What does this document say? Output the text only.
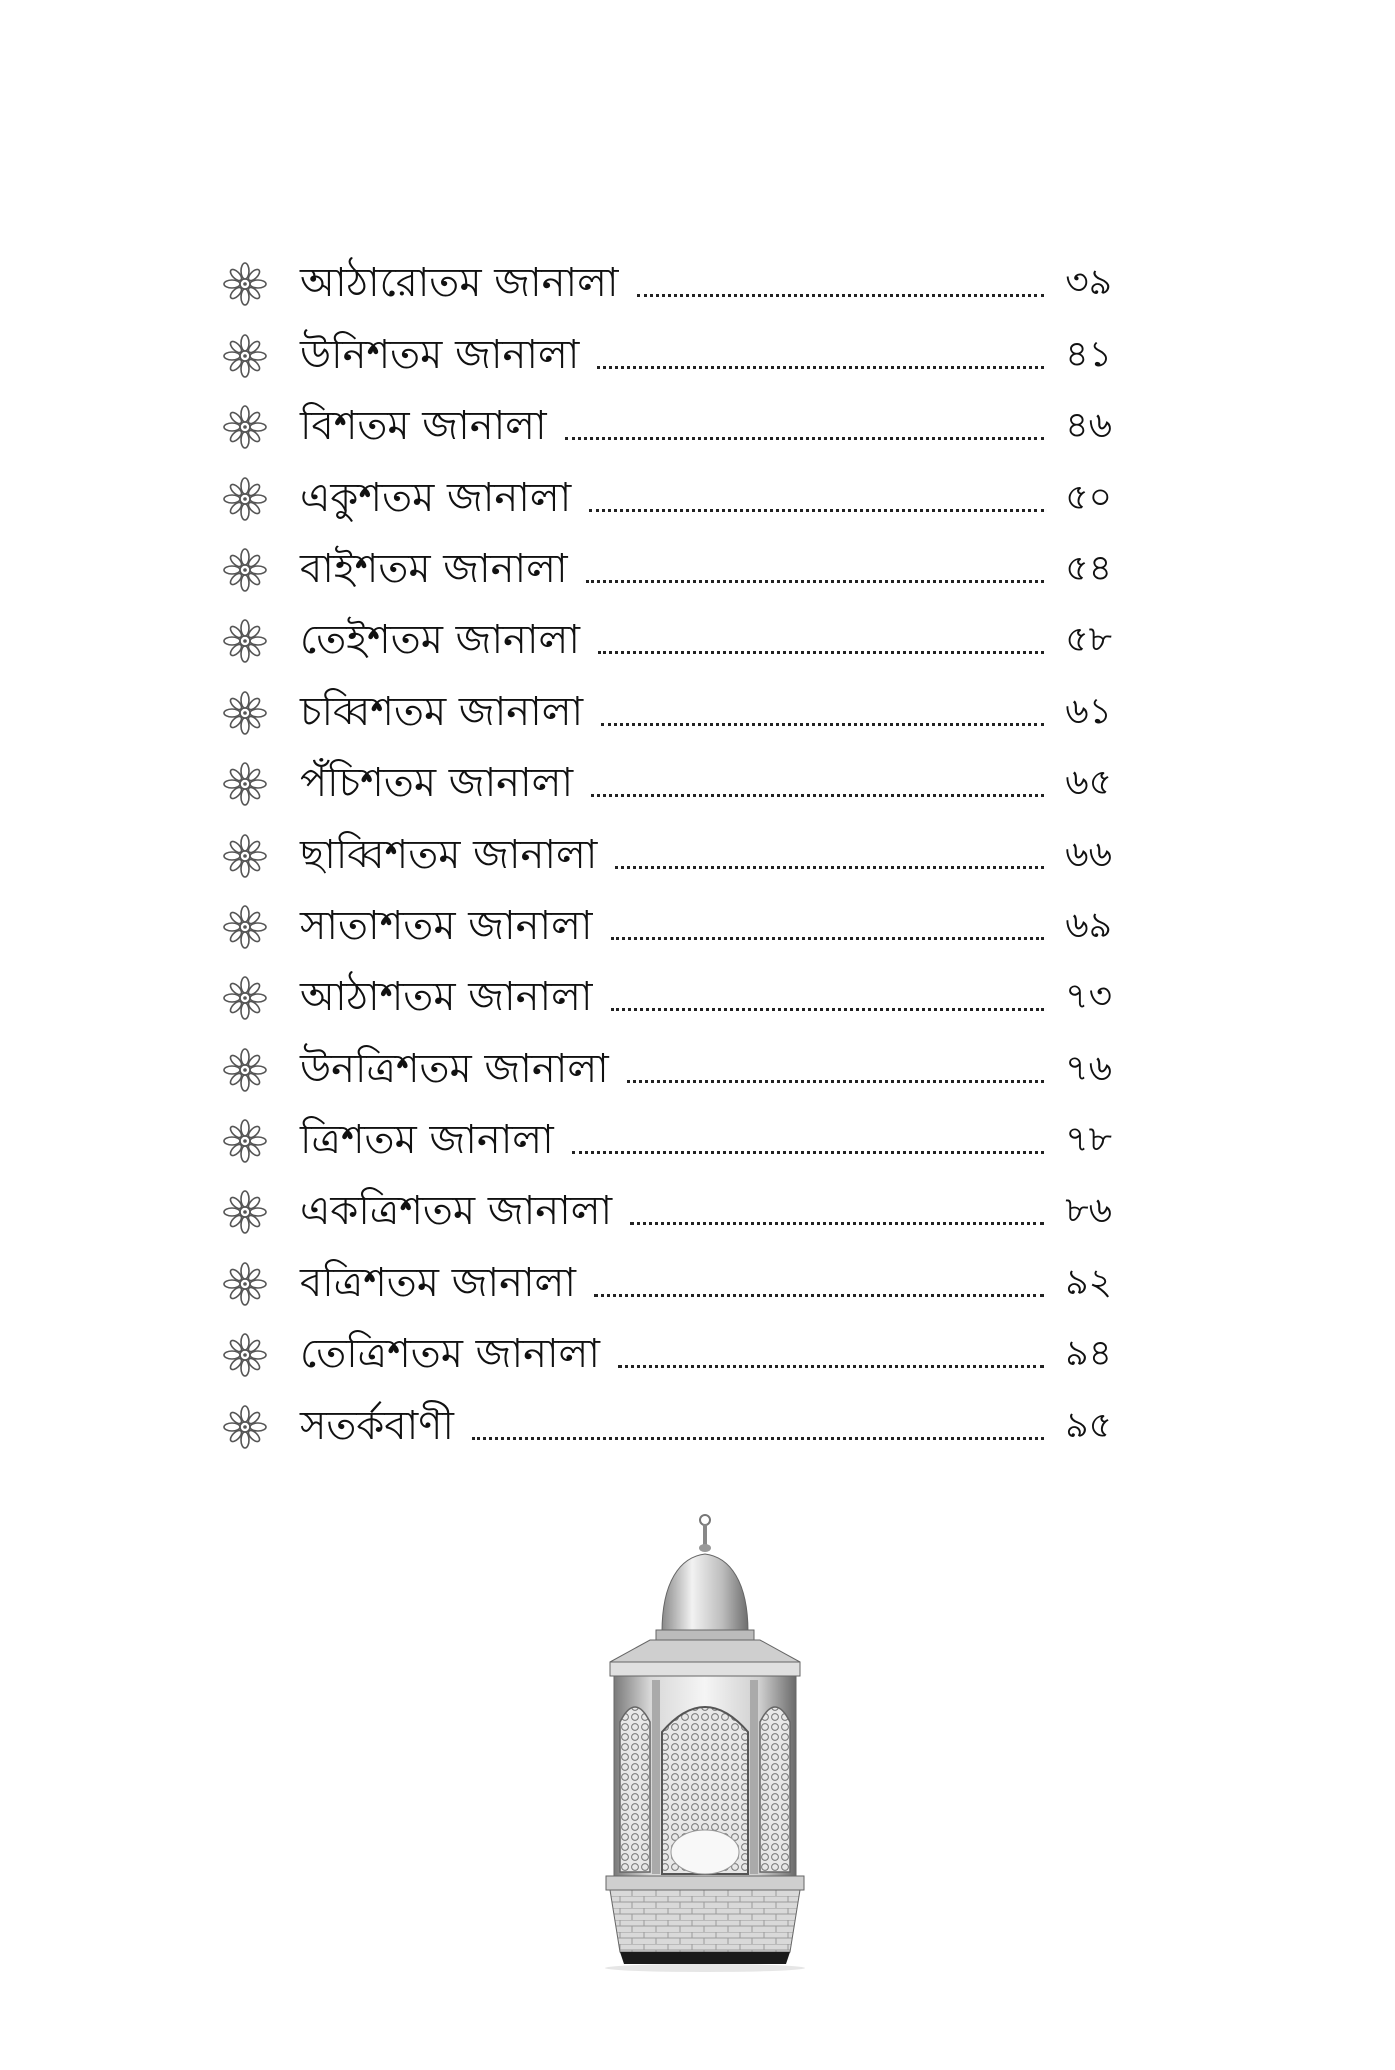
আঠারোতম জানালা	৩৯
উনিশতম জানালা	৪১
বিশতম জানালা	৪৬
একুশতম জানালা	৫০
বাইশতম জানালা	৫৪
তেইশতম জানালা	৫৮
চব্বিশতম জানালা	৬১
পঁচিশতম জানালা	৬৫
ছাব্বিশতম জানালা	৬৬
সাতাশতম জানালা	৬৯
আঠাশতম জানালা	৭৩
উনত্রিশতম জানালা	৭৬
ত্রিশতম জানালা	৭৮
একত্রিশতম জানালা	৮৬
বত্রিশতম জানালা	৯২
তেত্রিশতম জানালা	৯৪
সতর্কবাণী	৯৫
